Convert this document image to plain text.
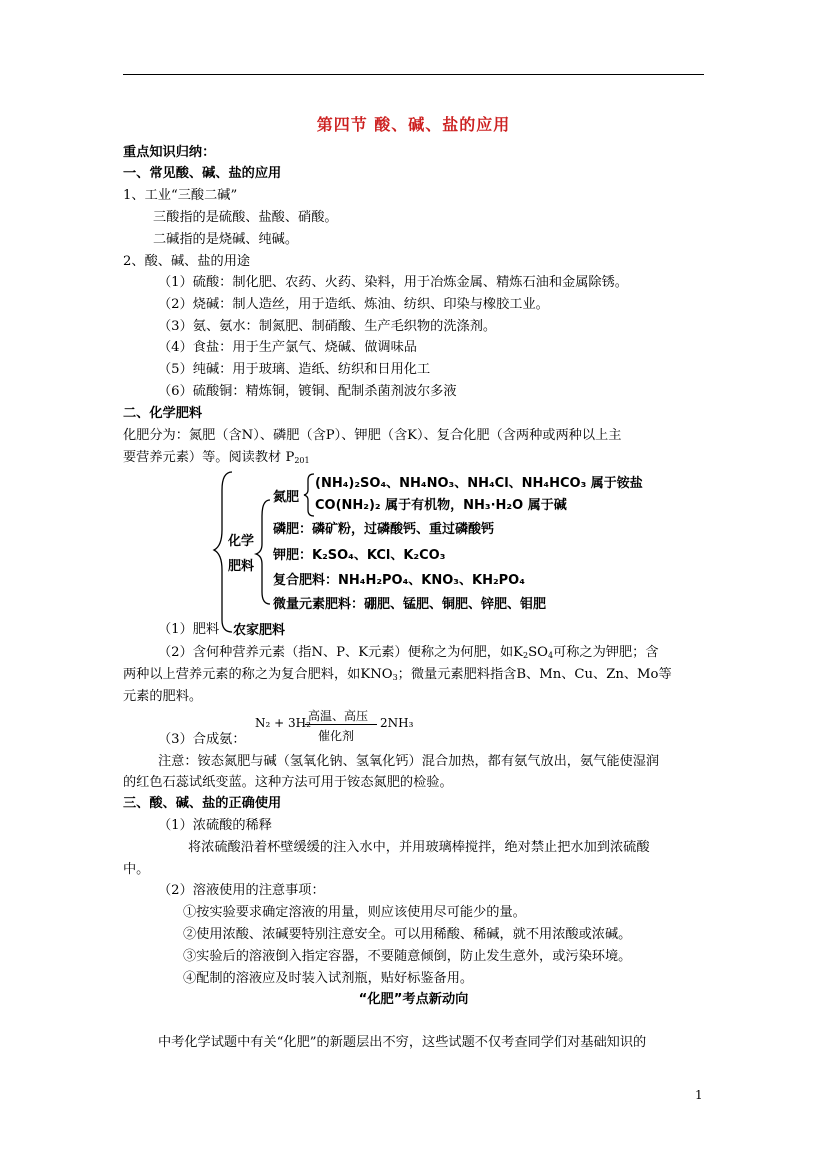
第四节 酸、碱、盐的应用
重点知识归纳：
一、常见酸、碱、盐的应用
1、工业“三酸二碱”
三酸指的是硫酸、盐酸、硝酸。
二碱指的是烧碱、纯碱。
2、酸、碱、盐的用途
（1）硫酸：制化肥、农药、火药、染料，用于冶炼金属、精炼石油和金属除锈。
（2）烧碱：制人造丝，用于造纸、炼油、纺织、印染与橡胶工业。
（3）氨、氨水：制氮肥、制硝酸、生产毛织物的洗涤剂。
（4）食盐：用于生产氯气、烧碱、做调味品
（5）纯碱：用于玻璃、造纸、纺织和日用化工
（6）硫酸铜：精炼铜，镀铜、配制杀菌剂波尔多液
二、化学肥料
化肥分为：氮肥（含N）、磷肥（含P）、钾肥（含K）、复合化肥（含两种或两种以上主
要营养元素）等。阅读教材 $P_{201}$
化学
肥料
氮肥
(NH₄)₂SO₄、NH₄NO₃、NH₄Cl、NH₄HCO₃ 属于铵盐
CO(NH₂)₂ 属于有机物，NH₃·H₂O 属于碱
磷肥：磷矿粉，过磷酸钙、重过磷酸钙
钾肥：K₂SO₄、KCl、K₂CO₃
复合肥料：NH₄H₂PO₄、KNO₃、KH₂PO₄
微量元素肥料：硼肥、锰肥、铜肥、锌肥、钼肥
农家肥料
（1）肥料
（2）含何种营养元素（指N、P、K元素）便称之为何肥，如$K_2SO_4$可称之为钾肥；含
两种以上营养元素的称之为复合肥料，如$KNO_3$；微量元素肥料指含B、Mn、Cu、Zn、Mo等
元素的肥料。
（3）合成氨：
N₂ + 3H₂
高温、高压
催化剂
2NH₃
注意：铵态氮肥与碱（氢氧化钠、氢氧化钙）混合加热，都有氨气放出，氨气能使湿润
的红色石蕊试纸变蓝。这种方法可用于铵态氮肥的检验。
三、酸、碱、盐的正确使用
（1）浓硫酸的稀释
将浓硫酸沿着杯壁缓缓的注入水中，并用玻璃棒搅拌，绝对禁止把水加到浓硫酸
中。
（2）溶液使用的注意事项：
①按实验要求确定溶液的用量，则应该使用尽可能少的量。
②使用浓酸、浓碱要特别注意安全。可以用稀酸、稀碱，就不用浓酸或浓碱。
③实验后的溶液倒入指定容器，不要随意倾倒，防止发生意外，或污染环境。
④配制的溶液应及时装入试剂瓶，贴好标鉴备用。
“化肥”考点新动向
中考化学试题中有关“化肥”的新题层出不穷，这些试题不仅考查同学们对基础知识的
1
